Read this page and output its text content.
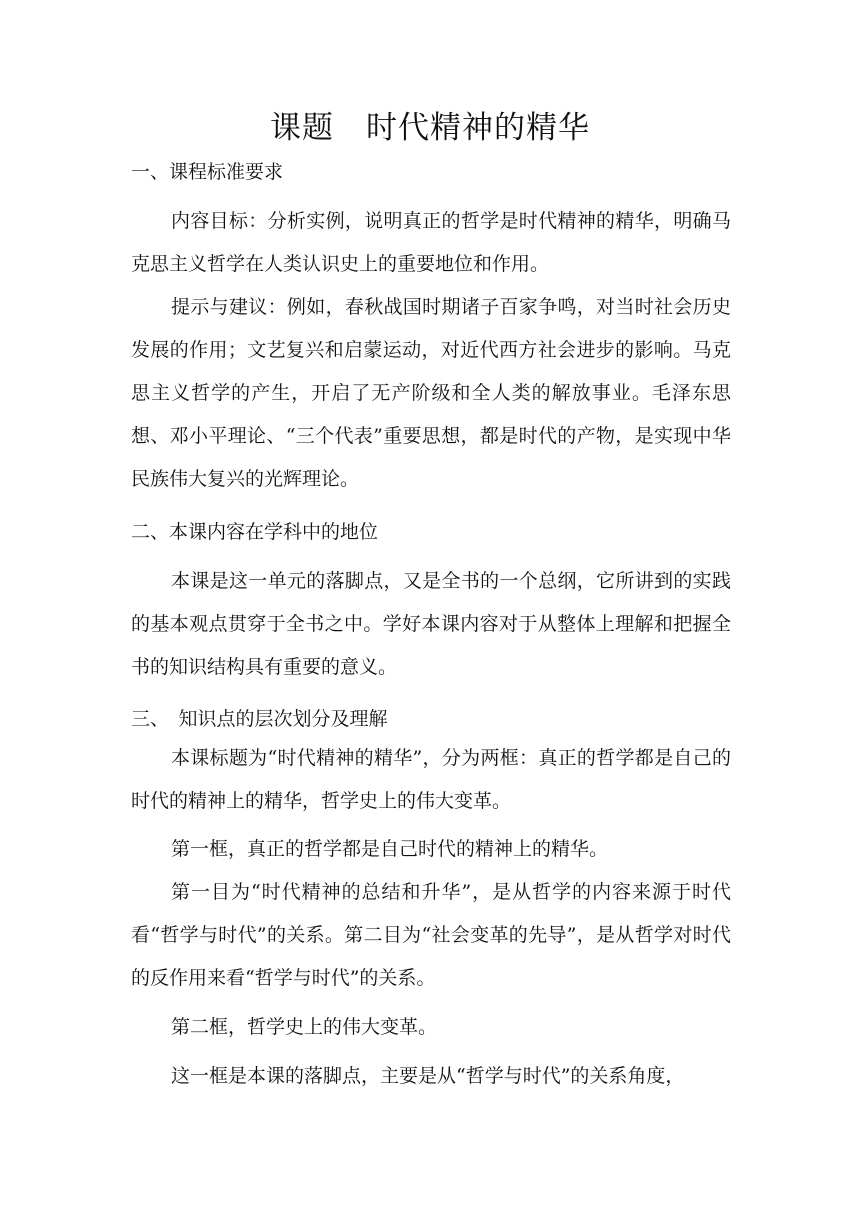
课题　时代精神的精华
一、课程标准要求
内容目标：分析实例，说明真正的哲学是时代精神的精华，明确马克思主义哲学在人类认识史上的重要地位和作用。
提示与建议：例如，春秋战国时期诸子百家争鸣，对当时社会历史发展的作用；文艺复兴和启蒙运动，对近代西方社会进步的影响。马克思主义哲学的产生，开启了无产阶级和全人类的解放事业。毛泽东思想、邓小平理论、“三个代表”重要思想，都是时代的产物，是实现中华民族伟大复兴的光辉理论。
二、本课内容在学科中的地位
本课是这一单元的落脚点，又是全书的一个总纲，它所讲到的实践的基本观点贯穿于全书之中。学好本课内容对于从整体上理解和把握全书的知识结构具有重要的意义。
三、　知识点的层次划分及理解
本课标题为“时代精神的精华”，分为两框：真正的哲学都是自己的时代的精神上的精华，哲学史上的伟大变革。
第一框，真正的哲学都是自己时代的精神上的精华。
第一目为“时代精神的总结和升华”，是从哲学的内容来源于时代看“哲学与时代”的关系。第二目为“社会变革的先导”，是从哲学对时代的反作用来看“哲学与时代”的关系。
第二框，哲学史上的伟大变革。
这一框是本课的落脚点，主要是从“哲学与时代”的关系角度，
